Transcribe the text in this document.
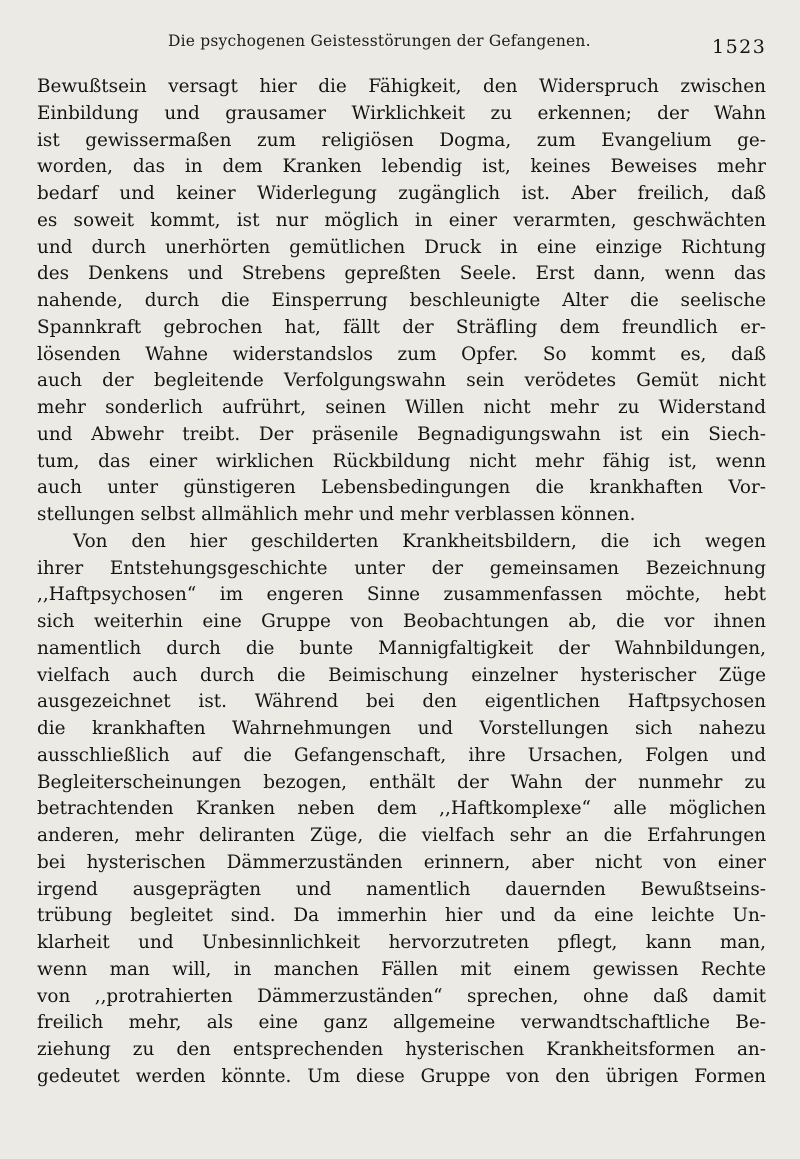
Die psychogenen Geistesstörungen der Gefangenen.	1523
Bewußtsein versagt hier die Fähigkeit, den Widerspruch zwischen
Einbildung und grausamer Wirklichkeit zu erkennen; der Wahn
ist gewissermaßen zum religiösen Dogma, zum Evangelium ge-
worden, das in dem Kranken lebendig ist, keines Beweises mehr
bedarf und keiner Widerlegung zugänglich ist. Aber freilich, daß
es soweit kommt, ist nur möglich in einer verarmten, geschwächten
und durch unerhörten gemütlichen Druck in eine einzige Richtung
des Denkens und Strebens gepreßten Seele. Erst dann, wenn das
nahende, durch die Einsperrung beschleunigte Alter die seelische
Spannkraft gebrochen hat, fällt der Sträfling dem freundlich er-
lösenden Wahne widerstandslos zum Opfer. So kommt es, daß
auch der begleitende Verfolgungswahn sein verödetes Gemüt nicht
mehr sonderlich aufrührt, seinen Willen nicht mehr zu Widerstand
und Abwehr treibt. Der präsenile Begnadigungswahn ist ein Siech-
tum, das einer wirklichen Rückbildung nicht mehr fähig ist, wenn
auch unter günstigeren Lebensbedingungen die krankhaften Vor-
stellungen selbst allmählich mehr und mehr verblassen können.
Von den hier geschilderten Krankheitsbildern, die ich wegen
ihrer Entstehungsgeschichte unter der gemeinsamen Bezeichnung
,,Haftpsychosen“ im engeren Sinne zusammenfassen möchte, hebt
sich weiterhin eine Gruppe von Beobachtungen ab, die vor ihnen
namentlich durch die bunte Mannigfaltigkeit der Wahnbildungen,
vielfach auch durch die Beimischung einzelner hysterischer Züge
ausgezeichnet ist. Während bei den eigentlichen Haftpsychosen
die krankhaften Wahrnehmungen und Vorstellungen sich nahezu
ausschließlich auf die Gefangenschaft, ihre Ursachen, Folgen und
Begleiterscheinungen bezogen, enthält der Wahn der nunmehr zu
betrachtenden Kranken neben dem ,,Haftkomplexe“ alle möglichen
anderen, mehr deliranten Züge, die vielfach sehr an die Erfahrungen
bei hysterischen Dämmerzuständen erinnern, aber nicht von einer
irgend ausgeprägten und namentlich dauernden Bewußtseins-
trübung begleitet sind. Da immerhin hier und da eine leichte Un-
klarheit und Unbesinnlichkeit hervorzutreten pflegt, kann man,
wenn man will, in manchen Fällen mit einem gewissen Rechte
von ,,protrahierten Dämmerzuständen“ sprechen, ohne daß damit
freilich mehr, als eine ganz allgemeine verwandtschaftliche Be-
ziehung zu den entsprechenden hysterischen Krankheitsformen an-
gedeutet werden könnte. Um diese Gruppe von den übrigen Formen
